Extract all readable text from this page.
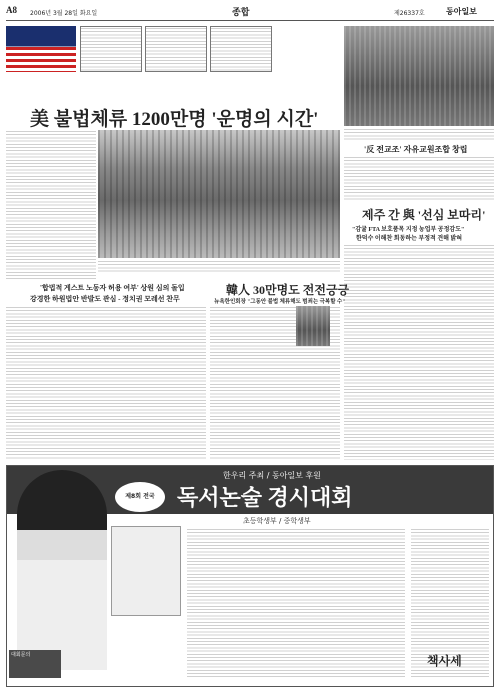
A8 2006년 3월 28일 화요일	종합	제26337호	동아일보
'反 전교조' 자유교원조합 창립
제주 간 與 '선심 보따리'
"감귤 FTA 보호품목 지정 농업부 공정감도"
한덕수 이해찬 회동하는 부정적 견해 밝혀
美 불법체류 1200만명 '운명의 시간'
'합법적 게스트 노동자 허용 여부' 상원 심의 돌입
강경한 하원법안 반발도 관심 - 정치권 모레선 찬무
韓人 30만명도 전전긍긍
뉴욕한인회장 "그동안 불법 체류해도 범죄는 극복할 수"
제8회 전국
한우리 주최 / 동아일보 후원
독서논술 경시대회
초등학생부 / 중학생부
책사세
대회문의
